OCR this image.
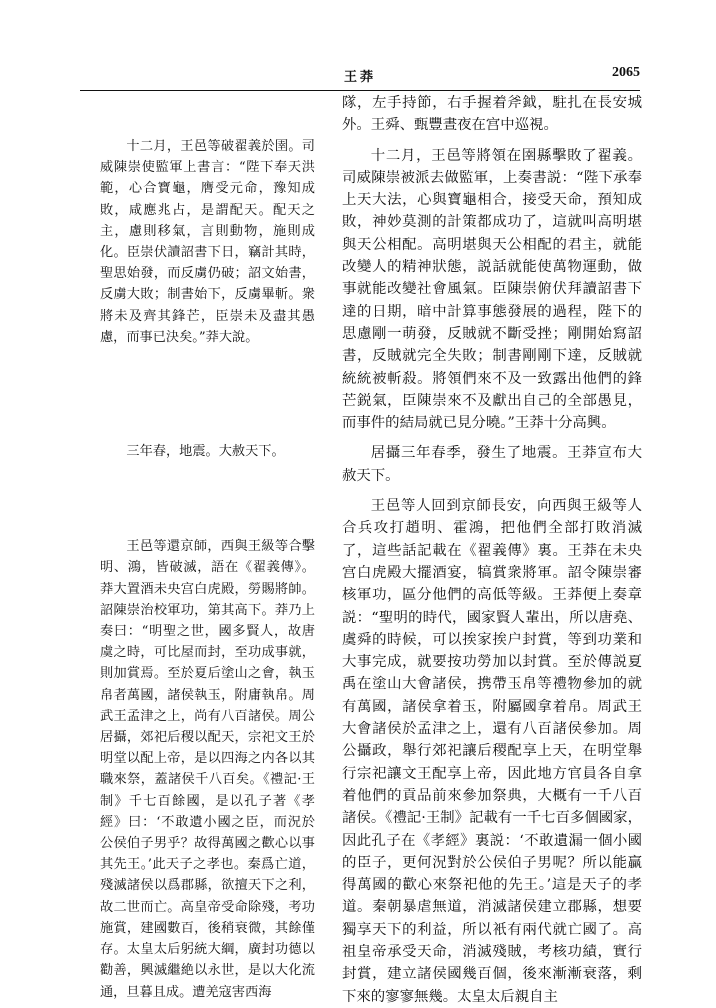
王莽	2065

十二月，王邑等破翟義於圉。司威陳崇使監軍上書言：“陛下奉天洪範，心合寶龜，膺受元命，豫知成敗，咸應兆占，是謂配天。配天之主，慮則移氣，言則動物，施則成化。臣崇伏讀詔書下日，竊計其時，聖思始發，而反虜仍破；詔文始書，反虜大敗；制書始下，反虜畢斬。衆將未及齊其鋒芒，臣崇未及盡其愚慮，而事已決矣。”莽大說。

三年春，地震。大赦天下。

王邑等還京師，西與王級等合擊明、鴻，皆破滅，語在《翟義傳》。莽大置酒未央宫白虎殿，勞賜將帥。詔陳崇治校軍功，第其高下。莽乃上奏曰：“明聖之世，國多賢人，故唐虞之時，可比屋而封，至功成事就，則加賞焉。至於夏后塗山之會，執玉帛者萬國，諸侯執玉，附庸執帛。周武王孟津之上，尚有八百諸侯。周公居攝，郊祀后稷以配天，宗祀文王於明堂以配上帝，是以四海之内各以其職來祭，蓋諸侯千八百矣。《禮記·王制》千七百餘國，是以孔子著《孝經》曰：‘不敢遺小國之臣，而況於公侯伯子男乎？故得萬國之歡心以事其先王。’此天子之孝也。秦爲亡道，殘滅諸侯以爲郡縣，欲擅天下之利，故二世而亡。高皇帝受命除殘，考功施賞，建國數百，後稍衰微，其餘僅存。太皇太后躬統大綱，廣封功德以勸善，興滅繼絶以永世，是以大化流通，旦暮且成。遭羌寇害西海

隊，左手持節，右手握着斧鉞，駐扎在長安城外。王舜、甄豐晝夜在宫中巡視。

十二月，王邑等將領在圉縣擊敗了翟義。司威陳崇被派去做監軍，上奏書説：“陛下承奉上天大法，心與寶龜相合，接受天命，預知成敗，神妙莫測的計策都成功了，這就叫高明堪與天公相配。高明堪與天公相配的君主，就能改變人的精神狀態，説話就能使萬物運動，做事就能改變社會風氣。臣陳崇俯伏拜讀詔書下達的日期，暗中計算事態發展的過程，陛下的思慮剛一萌發，反賊就不斷受挫；剛開始寫詔書，反賊就完全失敗；制書剛剛下達，反賊就統統被斬殺。將領們來不及一致露出他們的鋒芒鋭氣，臣陳崇來不及獻出自己的全部愚見，而事件的結局就已見分曉。”王莽十分高興。

居攝三年春季，發生了地震。王莽宣布大赦天下。

王邑等人回到京師長安，向西與王級等人合兵攻打趙明、霍鴻，把他們全部打敗消滅了，這些話記載在《翟義傳》裏。王莽在未央宫白虎殿大擺酒宴，犒賞衆將軍。詔令陳崇審核軍功，區分他們的高低等級。王莽便上奏章説：“聖明的時代，國家賢人輩出，所以唐堯、虞舜的時候，可以挨家挨户封賞，等到功業和大事完成，就要按功勞加以封賞。至於傳説夏禹在塗山大會諸侯，携帶玉帛等禮物參加的就有萬國，諸侯拿着玉，附屬國拿着帛。周武王大會諸侯於孟津之上，還有八百諸侯參加。周公攝政，舉行郊祀讓后稷配享上天，在明堂舉行宗祀讓文王配享上帝，因此地方官員各自拿着他們的貢品前來參加祭典，大概有一千八百諸侯。《禮記·王制》記載有一千七百多個國家，因此孔子在《孝經》裏説：‘不敢遺漏一個小國的臣子，更何況對於公侯伯子男呢？所以能贏得萬國的歡心來祭祀他的先王。’這是天子的孝道。秦朝暴虐無道，消滅諸侯建立郡縣，想要獨享天下的利益，所以衹有兩代就亡國了。高祖皇帝承受天命，消滅殘賊，考核功績，實行封賞，建立諸侯國幾百個，後來漸漸衰落，剩下來的寥寥無幾。太皇太后親自主
